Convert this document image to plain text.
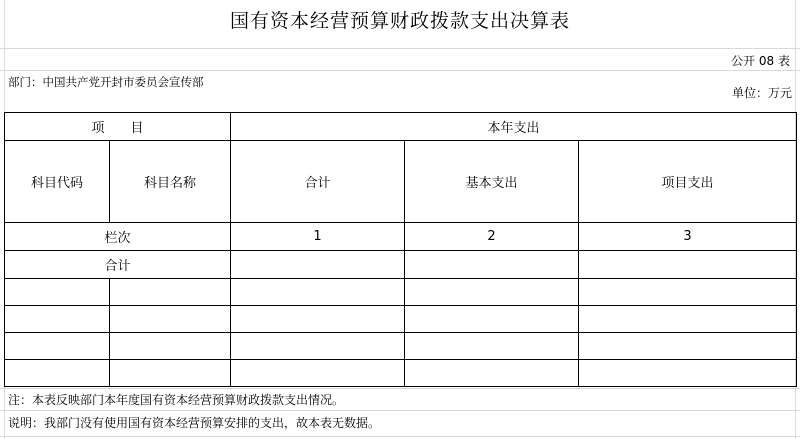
国有资本经营预算财政拨款支出决算表
公开 08 表
部门：中国共产党开封市委员会宣传部
单位：万元
项　　目		本年支出		
科目代码	科目名称	合计	基本支出	项目支出
栏次		1	2	3
合计				

注：本表反映部门本年度国有资本经营预算财政拨款支出情况。
说明：我部门没有使用国有资本经营预算安排的支出，故本表无数据。
